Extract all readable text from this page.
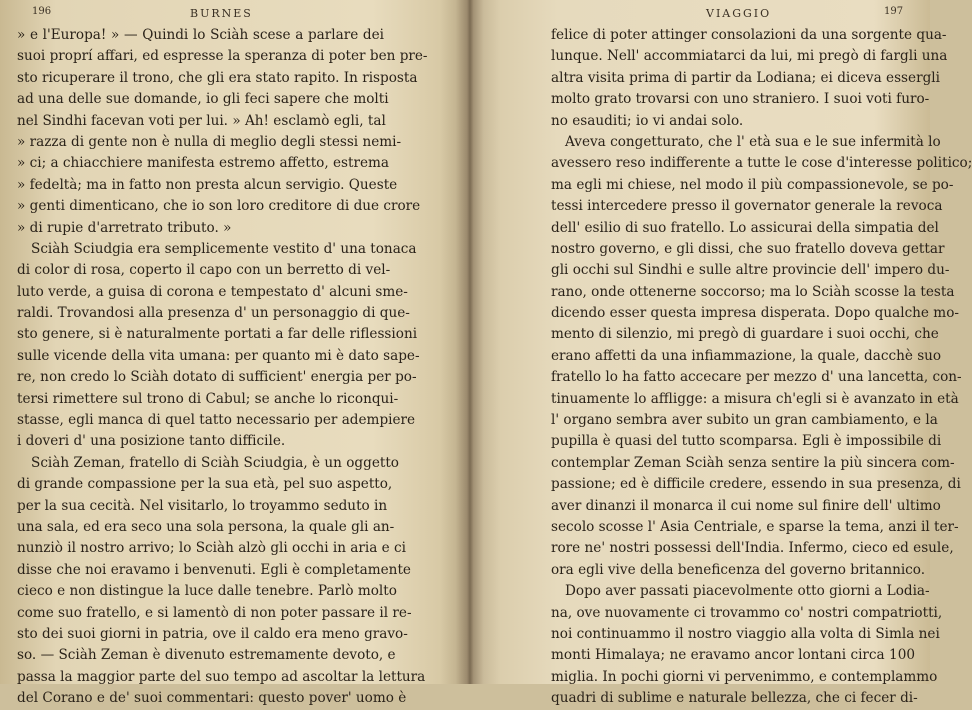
196	BURNES
» e l'Europa! » — Quindi lo Sciàh scese a parlare dei
suoi proprí affari, ed espresse la speranza di poter ben pre-
sto ricuperare il trono, che gli era stato rapito. In risposta
ad una delle sue domande, io gli feci sapere che molti
nel Sindhi facevan voti per lui. » Ah! esclamò egli, tal
» razza di gente non è nulla di meglio degli stessi nemi-
» ci; a chiacchiere manifesta estremo affetto, estrema
» fedeltà; ma in fatto non presta alcun servigio. Queste
» genti dimenticano, che io son loro creditore di due crore
» di rupie d'arretrato tributo. »
Sciàh Sciudgia era semplicemente vestito d' una tonaca
di color di rosa, coperto il capo con un berretto di vel-
luto verde, a guisa di corona e tempestato d' alcuni sme-
raldi. Trovandosi alla presenza d' un personaggio di que-
sto genere, si è naturalmente portati a far delle riflessioni
sulle vicende della vita umana: per quanto mi è dato sape-
re, non credo lo Sciàh dotato di sufficient' energia per po-
tersi rimettere sul trono di Cabul; se anche lo riconqui-
stasse, egli manca di quel tatto necessario per adempiere
i doveri d' una posizione tanto difficile.
Sciàh Zeman, fratello di Sciàh Sciudgia, è un oggetto
di grande compassione per la sua età, pel suo aspetto,
per la sua cecità. Nel visitarlo, lo troyammo seduto in
una sala, ed era seco una sola persona, la quale gli an-
nunziò il nostro arrivo; lo Sciàh alzò gli occhi in aria e ci
disse che noi eravamo i benvenuti. Egli è completamente
cieco e non distingue la luce dalle tenebre. Parlò molto
come suo fratello, e si lamentò di non poter passare il re-
sto dei suoi giorni in patria, ove il caldo era meno gravo-
so. — Sciàh Zeman è divenuto estremamente devoto, e
passa la maggior parte del suo tempo ad ascoltar la lettura
del Corano e de' suoi commentari: questo pover' uomo è
VIAGGIO	197
felice di poter attinger consolazioni da una sorgente qua-
lunque. Nell' accommiatarci da lui, mi pregò di fargli una
altra visita prima di partir da Lodiana; ei diceva essergli
molto grato trovarsi con uno straniero. I suoi voti furo-
no esauditi; io vi andai solo.
Aveva congetturato, che l' età sua e le sue infermità lo
avessero reso indifferente a tutte le cose d'interesse politico;
ma egli mi chiese, nel modo il più compassionevole, se po-
tessi intercedere presso il governator generale la revoca
dell' esilio di suo fratello. Lo assicurai della simpatia del
nostro governo, e gli dissi, che suo fratello doveva gettar
gli occhi sul Sindhi e sulle altre provincie dell' impero du-
rano, onde ottenerne soccorso; ma lo Sciàh scosse la testa
dicendo esser questa impresa disperata. Dopo qualche mo-
mento di silenzio, mi pregò di guardare i suoi occhi, che
erano affetti da una infiammazione, la quale, dacchè suo
fratello lo ha fatto accecare per mezzo d' una lancetta, con-
tinuamente lo affligge: a misura ch'egli si è avanzato in età
l' organo sembra aver subito un gran cambiamento, e la
pupilla è quasi del tutto scomparsa. Egli è impossibile di
contemplar Zeman Sciàh senza sentire la più sincera com-
passione; ed è difficile credere, essendo in sua presenza, di
aver dinanzi il monarca il cui nome sul finire dell' ultimo
secolo scosse l' Asia Centriale, e sparse la tema, anzi il ter-
rore ne' nostri possessi dell'India. Infermo, cieco ed esule,
ora egli vive della beneficenza del governo britannico.
Dopo aver passati piacevolmente otto giorni a Lodia-
na, ove nuovamente ci trovammo co' nostri compatriotti,
noi continuammo il nostro viaggio alla volta di Simla nei
monti Himalaya; ne eravamo ancor lontani circa 100
miglia. In pochi giorni vi pervenimmo, e contemplammo
quadri di sublime e naturale bellezza, che ci fecer di-
